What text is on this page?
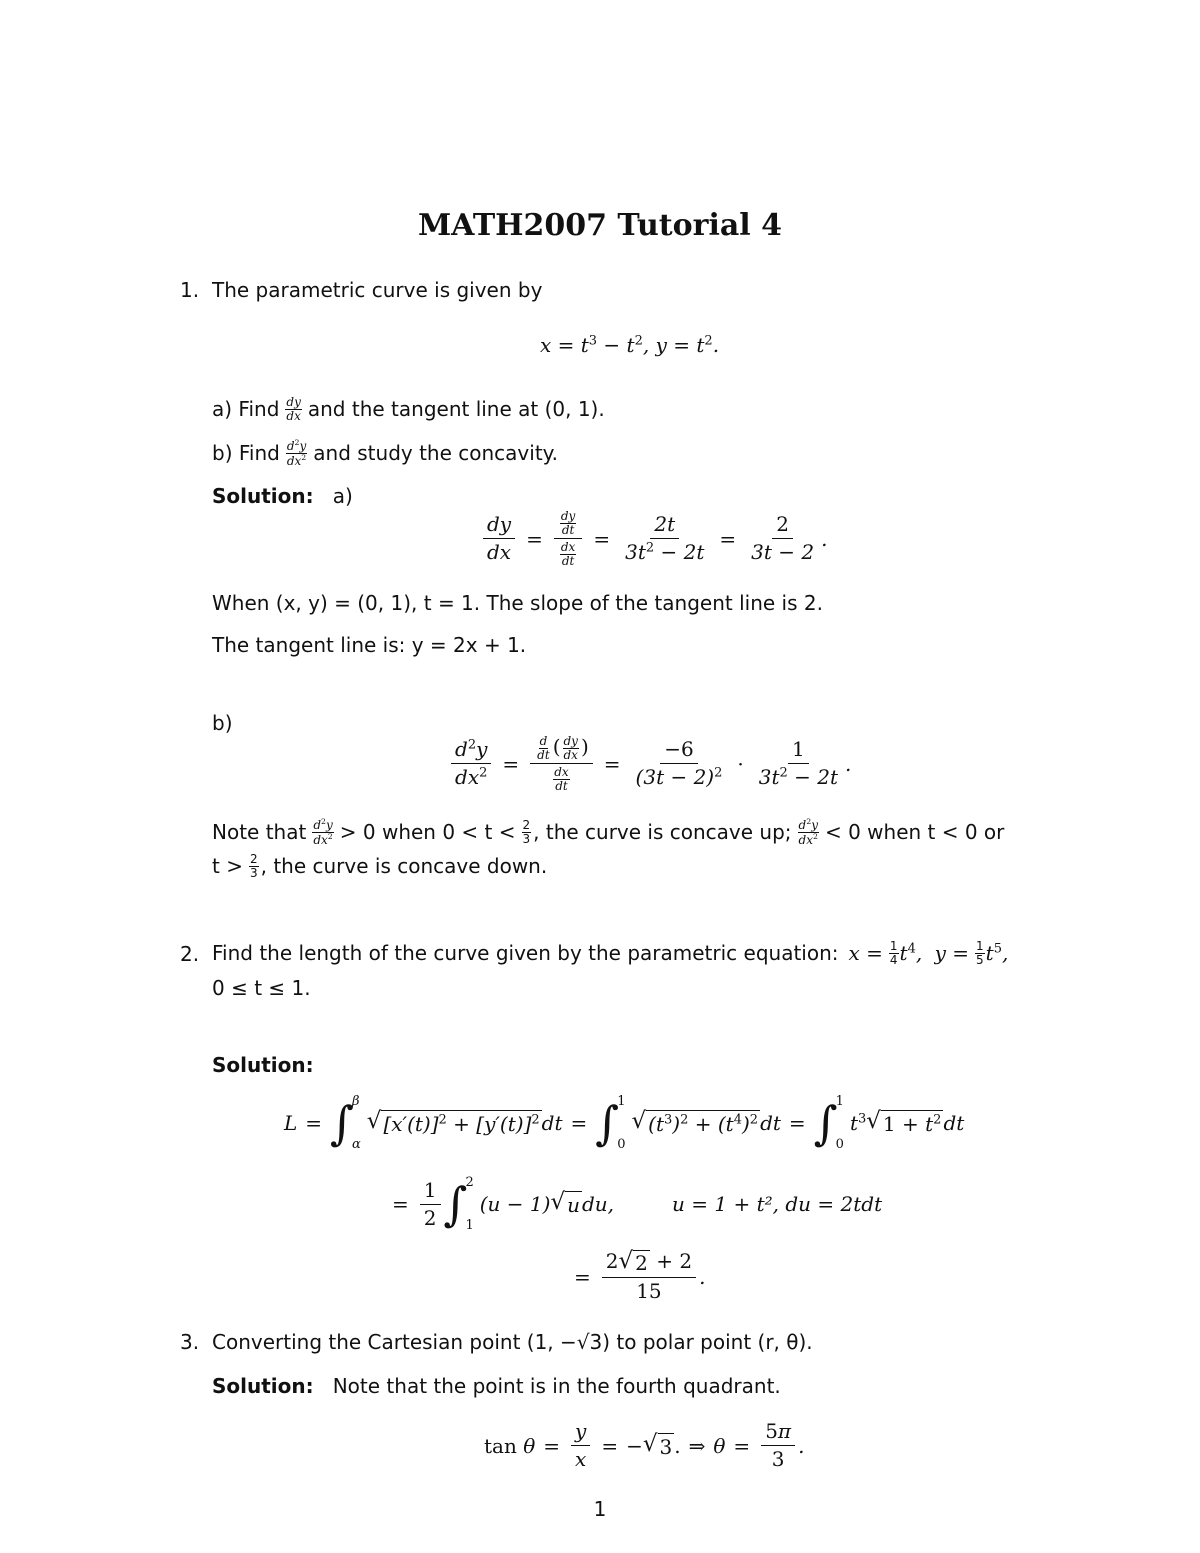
MATH2007 Tutorial 4
1. The parametric curve is given by
$x = t^3 - t^2$, $y = t^2$.
a) Find $\frac{dy}{dx}$ and the tangent line at (0, 1).
b) Find $\frac{d^2y}{dx^2}$ and study the concavity.
Solution: a)
$\frac{dy}{dx} = \frac{\frac{dy}{dt}}{\frac{dx}{dt}} = \frac{2t}{3t^2 - 2t} = \frac{2}{3t - 2}$ .
When (x, y) = (0, 1), t = 1. The slope of the tangent line is 2.
The tangent line is: y = 2x + 1.
b)
$\frac{d^2y}{dx^2} = \frac{\frac{d}{dt} ( \frac{dy}{dx} )}{\frac{dx}{dt}} = \frac{-6}{(3t - 2)^2} \cdot \frac{1}{3t^2 - 2t}$ .
Note that $\frac{d^2y}{dx^2} > 0$ when $0 < t < \frac{2}{3}$ , the curve is concave up; $\frac{d^2y}{dx^2} < 0$ when t < 0 or
$t > \frac{2}{3}$ , the curve is concave down.
2. Find the length of the curve given by the parametric equation: $x = \frac{1}{4} t^4$, $y = \frac{1}{5} t^5$,
0 ≤ t ≤ 1.
Solution:
L = ∫
β
α
√ $[x'(t)]^2 + [y'(t)]^2$ dt = ∫
1
0
√ $(t^3)^2 + (t^4)^2$ dt = ∫
1
0
$t^3$ √ $1 + t^2$ dt
= $\frac{1}{2}$ ∫
2
1
(u − 1) √ u du,	u = 1 + t², du = 2tdt
= $\frac{2 √ 2 + 2}{15}$ .
3. Converting the Cartesian point (1, −√3) to polar point (r, θ).
Solution: Note that the point is in the fourth quadrant.
tan
$\theta = \frac{y}{x}$ = − √ 3 . ⇒ $\theta = \frac{5\pi}{3}$ .
1
